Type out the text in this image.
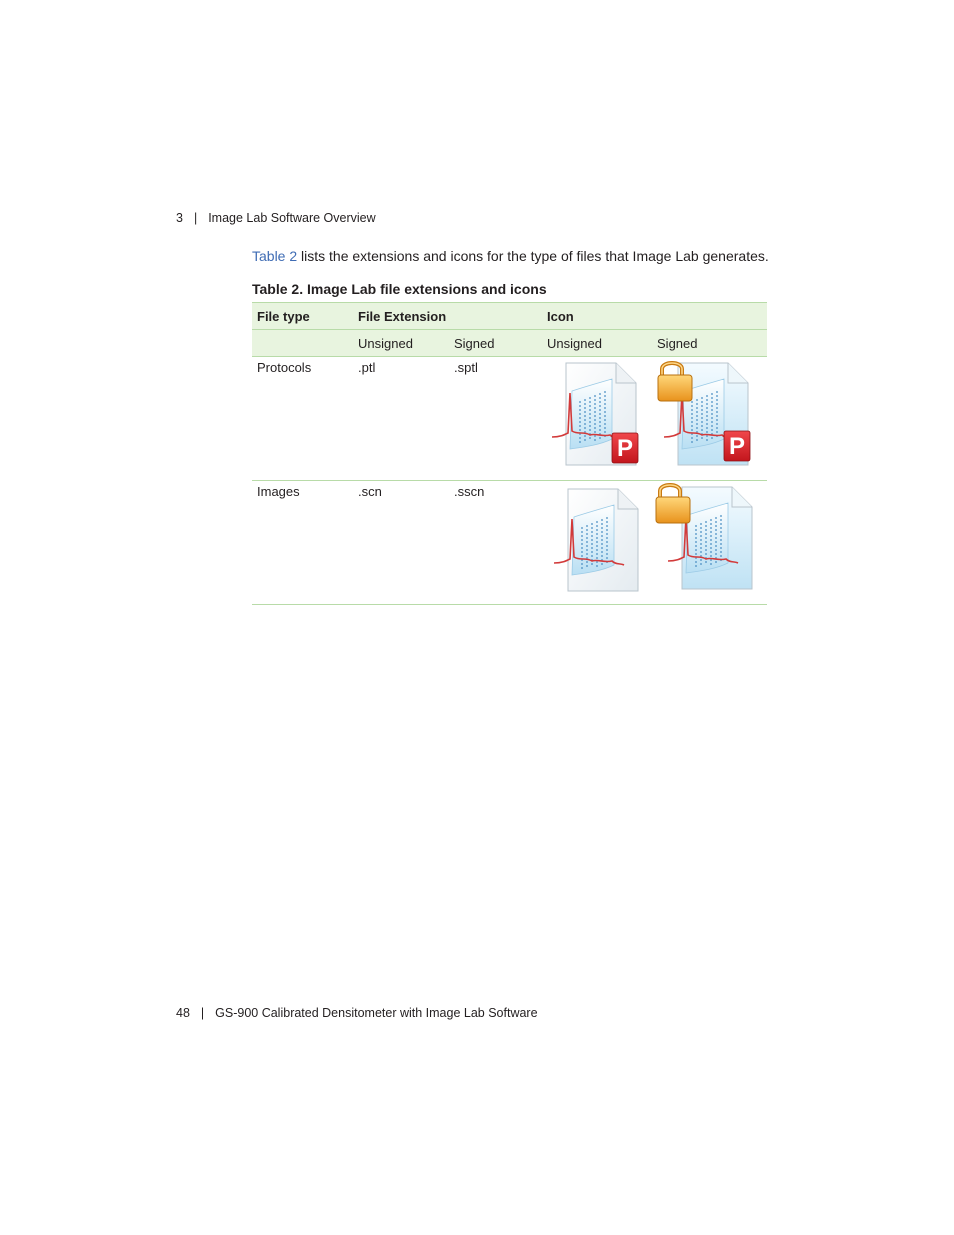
3 | Image Lab Software Overview

Table 2 lists the extensions and icons for the type of files that Image Lab generates.

Table 2. Image Lab file extensions and icons
File type	File Extension		Icon	
	Unsigned	Signed	Unsigned	Signed
Protocols	.ptl	.sptl	P	P

Images	.scn	.sscn	

48 | GS-900 Calibrated Densitometer with Image Lab Software
